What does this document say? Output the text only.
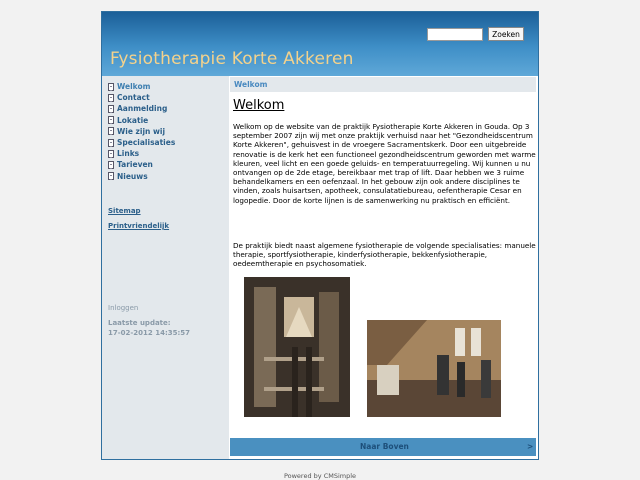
Fysiotherapie Korte Akkeren
Zoeken
Welkom
Contact
Aanmelding
Lokatie
Wie zijn wij
Specialisaties
Links
Tarieven
Nieuws
Sitemap
Printvriendelijk
Inloggen
Laatste update:
17-02-2012 14:35:57
Welkom
Welkom
Welkom op de website van de praktijk Fysiotherapie Korte Akkeren in Gouda. Op 3 september 2007 zijn wij met onze praktijk verhuisd naar het "Gezondheidscentrum Korte Akkeren", gehuisvest in de vroegere Sacramentskerk. Door een uitgebreide renovatie is de kerk het een functioneel gezondheidscentrum geworden met warme kleuren, veel licht en een goede geluids- en temperatuurregeling. Wij kunnen u nu ontvangen op de 2de etage, bereikbaar met trap of lift. Daar hebben we 3 ruime behandelkamers en een oefenzaal. In het gebouw zijn ook andere disciplines te vinden, zoals huisartsen, apotheek, consulatatiebureau, oefentherapie Cesar en logopedie. Door de korte lijnen is de samenwerking nu praktisch en efficiënt.
De praktijk biedt naast algemene fysiotherapie de volgende specialisaties: manuele therapie, sportfysiotherapie, kinderfysiotherapie, bekkenfysiotherapie, oedeemtherapie en psychosomatiek.
Naar Boven	>
Powered by CMSimple
